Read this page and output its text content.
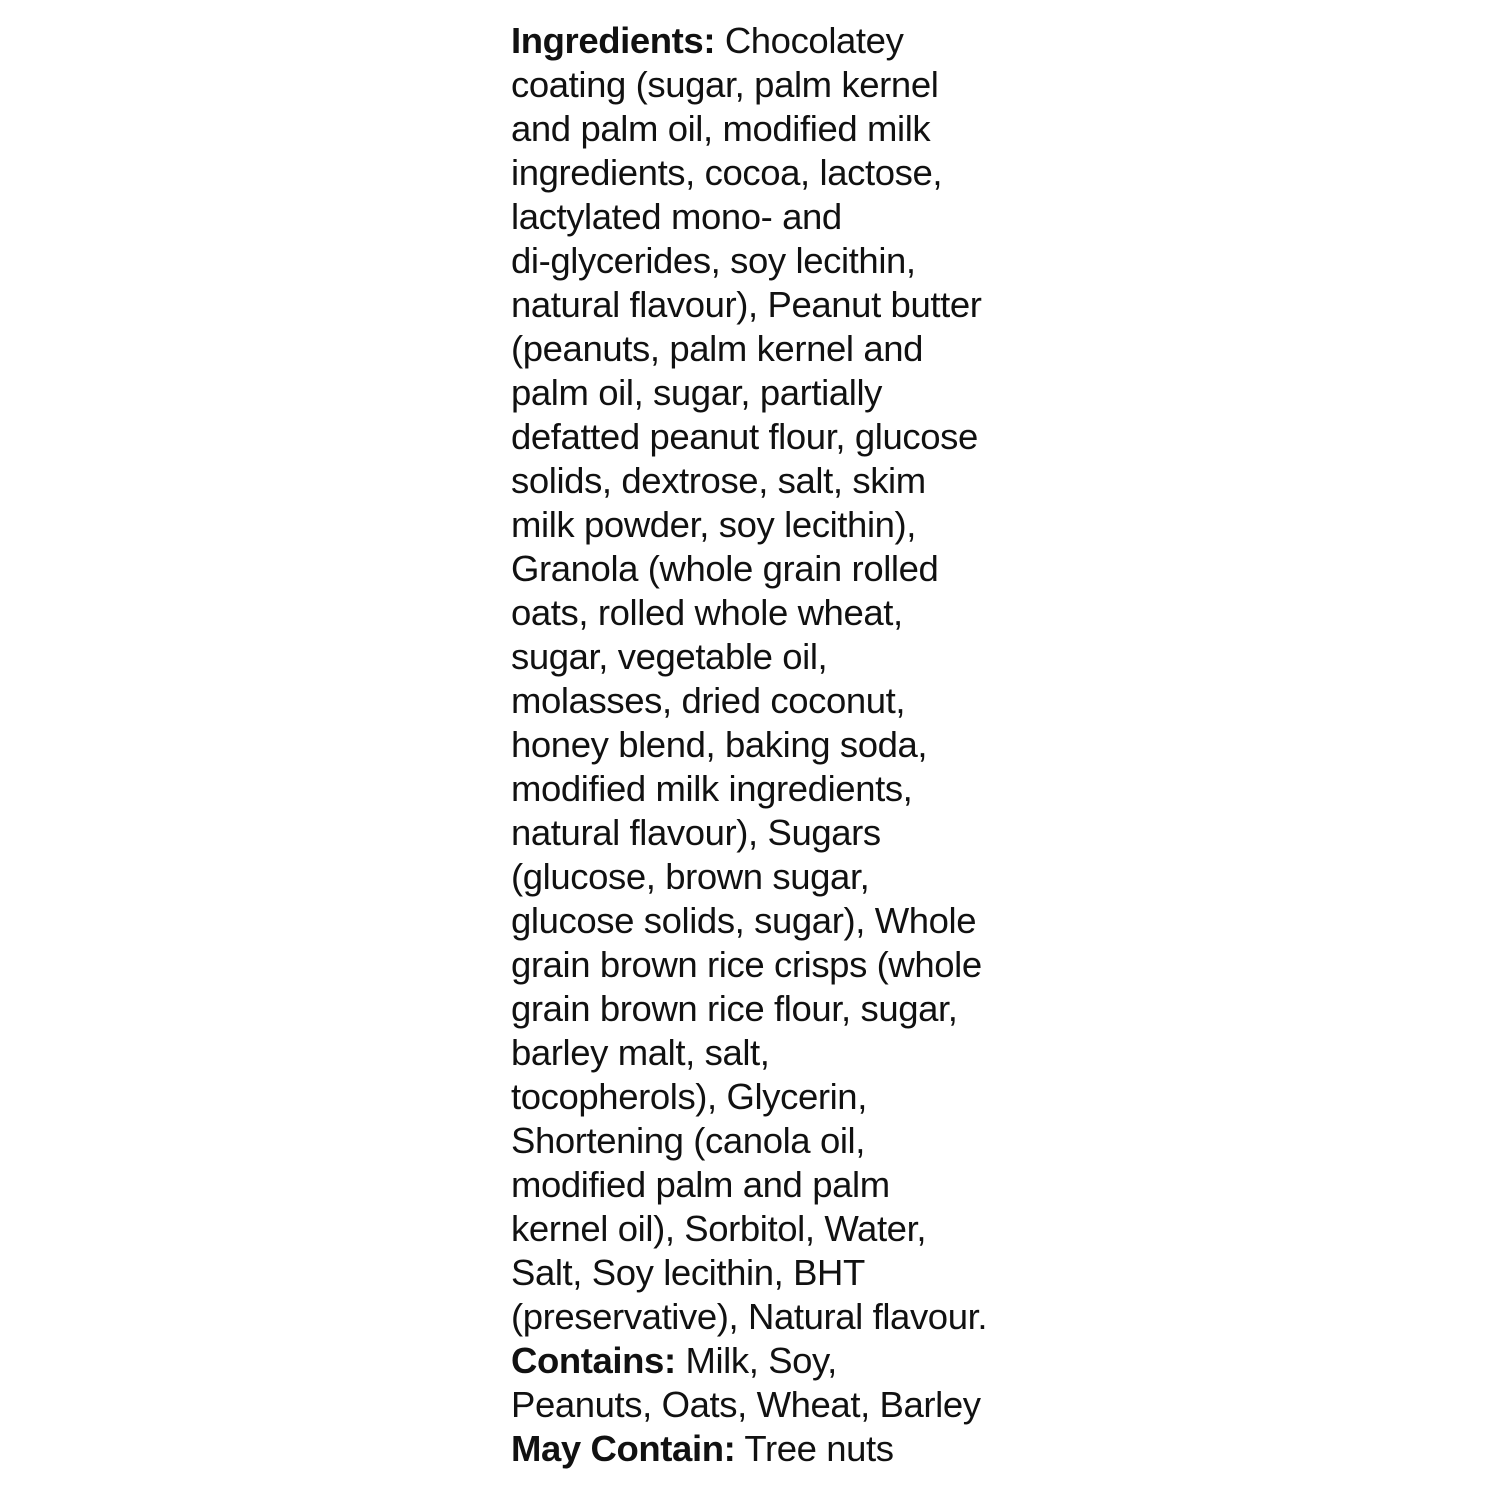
Ingredients: Chocolatey
coating (sugar, palm kernel
and palm oil, modified milk
ingredients, cocoa, lactose,
lactylated mono- and
di-glycerides, soy lecithin,
natural flavour), Peanut butter
(peanuts, palm kernel and
palm oil, sugar, partially
defatted peanut flour, glucose
solids, dextrose, salt, skim
milk powder, soy lecithin),
Granola (whole grain rolled
oats, rolled whole wheat,
sugar, vegetable oil,
molasses, dried coconut,
honey blend, baking soda,
modified milk ingredients,
natural flavour), Sugars
(glucose, brown sugar,
glucose solids, sugar), Whole
grain brown rice crisps (whole
grain brown rice flour, sugar,
barley malt, salt,
tocopherols), Glycerin,
Shortening (canola oil,
modified palm and palm
kernel oil), Sorbitol, Water,
Salt, Soy lecithin, BHT
(preservative), Natural flavour.
Contains: Milk, Soy,
Peanuts, Oats, Wheat, Barley
May Contain: Tree nuts
